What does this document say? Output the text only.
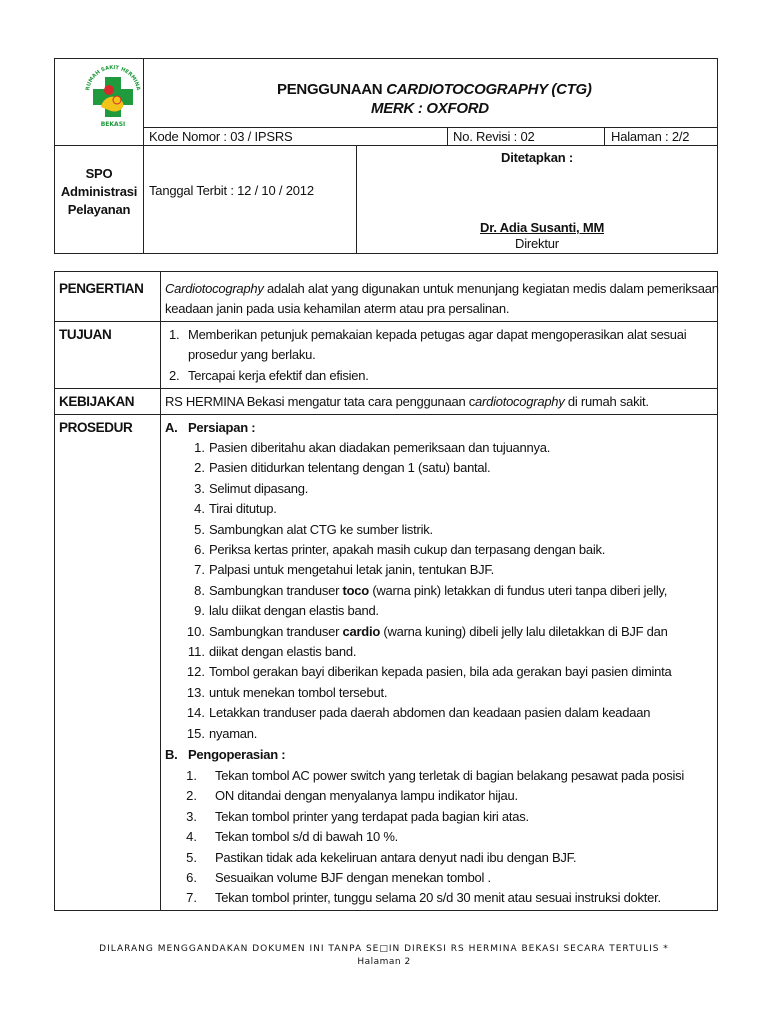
RUMAH SAKIT HERMINA
BEKASI
PENGGUNAAN CARDIOTOCOGRAPHY (CTG)
MERK : OXFORD
Kode Nomor : 03 / IPSRS	No. Revisi : 02	Halaman : 2/2
SPO
Administrasi
Pelayanan
Tanggal Terbit : 12 / 10 / 2012
Ditetapkan :
Dr. Adia Susanti, MM
Direktur
PENGERTIAN Cardiotocography adalah alat yang digunakan untuk menunjang kegiatan medis dalam pemeriksaan
keadaan janin pada usia kehamilan aterm atau pra persalinan.
TUJUAN	1. Memberikan petunjuk pemakaian kepada petugas agar dapat mengoperasikan alat sesuai
prosedur yang berlaku.
2. Tercapai kerja efektif dan efisien.
KEBIJAKAN RS HERMINA Bekasi mengatur tata cara penggunaan cardiotocography di rumah sakit.
PROSEDUR	A. Persiapan :
1. Pasien diberitahu akan diadakan pemeriksaan dan tujuannya.
2. Pasien ditidurkan telentang dengan 1 (satu) bantal.
3. Selimut dipasang.
4. Tirai ditutup.
5. Sambungkan alat CTG ke sumber listrik.
6. Periksa kertas printer, apakah masih cukup dan terpasang dengan baik.
7. Palpasi untuk mengetahui letak janin, tentukan BJF.
8. Sambungkan tranduser toco (warna pink) letakkan di fundus uteri tanpa diberi jelly,
9. lalu diikat dengan elastis band.
10. Sambungkan tranduser cardio (warna kuning) dibeli jelly lalu diletakkan di BJF dan
11. diikat dengan elastis band.
12. Tombol gerakan bayi diberikan kepada pasien, bila ada gerakan bayi pasien diminta
13. untuk menekan tombol tersebut.
14. Letakkan tranduser pada daerah abdomen dan keadaan pasien dalam keadaan
15. nyaman.
B. Pengoperasian :
1. Tekan tombol AC power switch yang terletak di bagian belakang pesawat pada posisi
2. ON ditandai dengan menyalanya lampu indikator hijau.
3. Tekan tombol printer yang terdapat pada bagian kiri atas.
4. Tekan tombol s/d di bawah 10 %.
5. Pastikan tidak ada kekeliruan antara denyut nadi ibu dengan BJF.
6. Sesuaikan volume BJF dengan menekan tombol .
7. Tekan tombol printer, tunggu selama 20 s/d 30 menit atau sesuai instruksi dokter.
DILARANG MENGGANDAKAN DOKUMEN INI TANPA SE□IN DIREKSI RS HERMINA BEKASI SECARA TERTULIS *
Halaman 2
